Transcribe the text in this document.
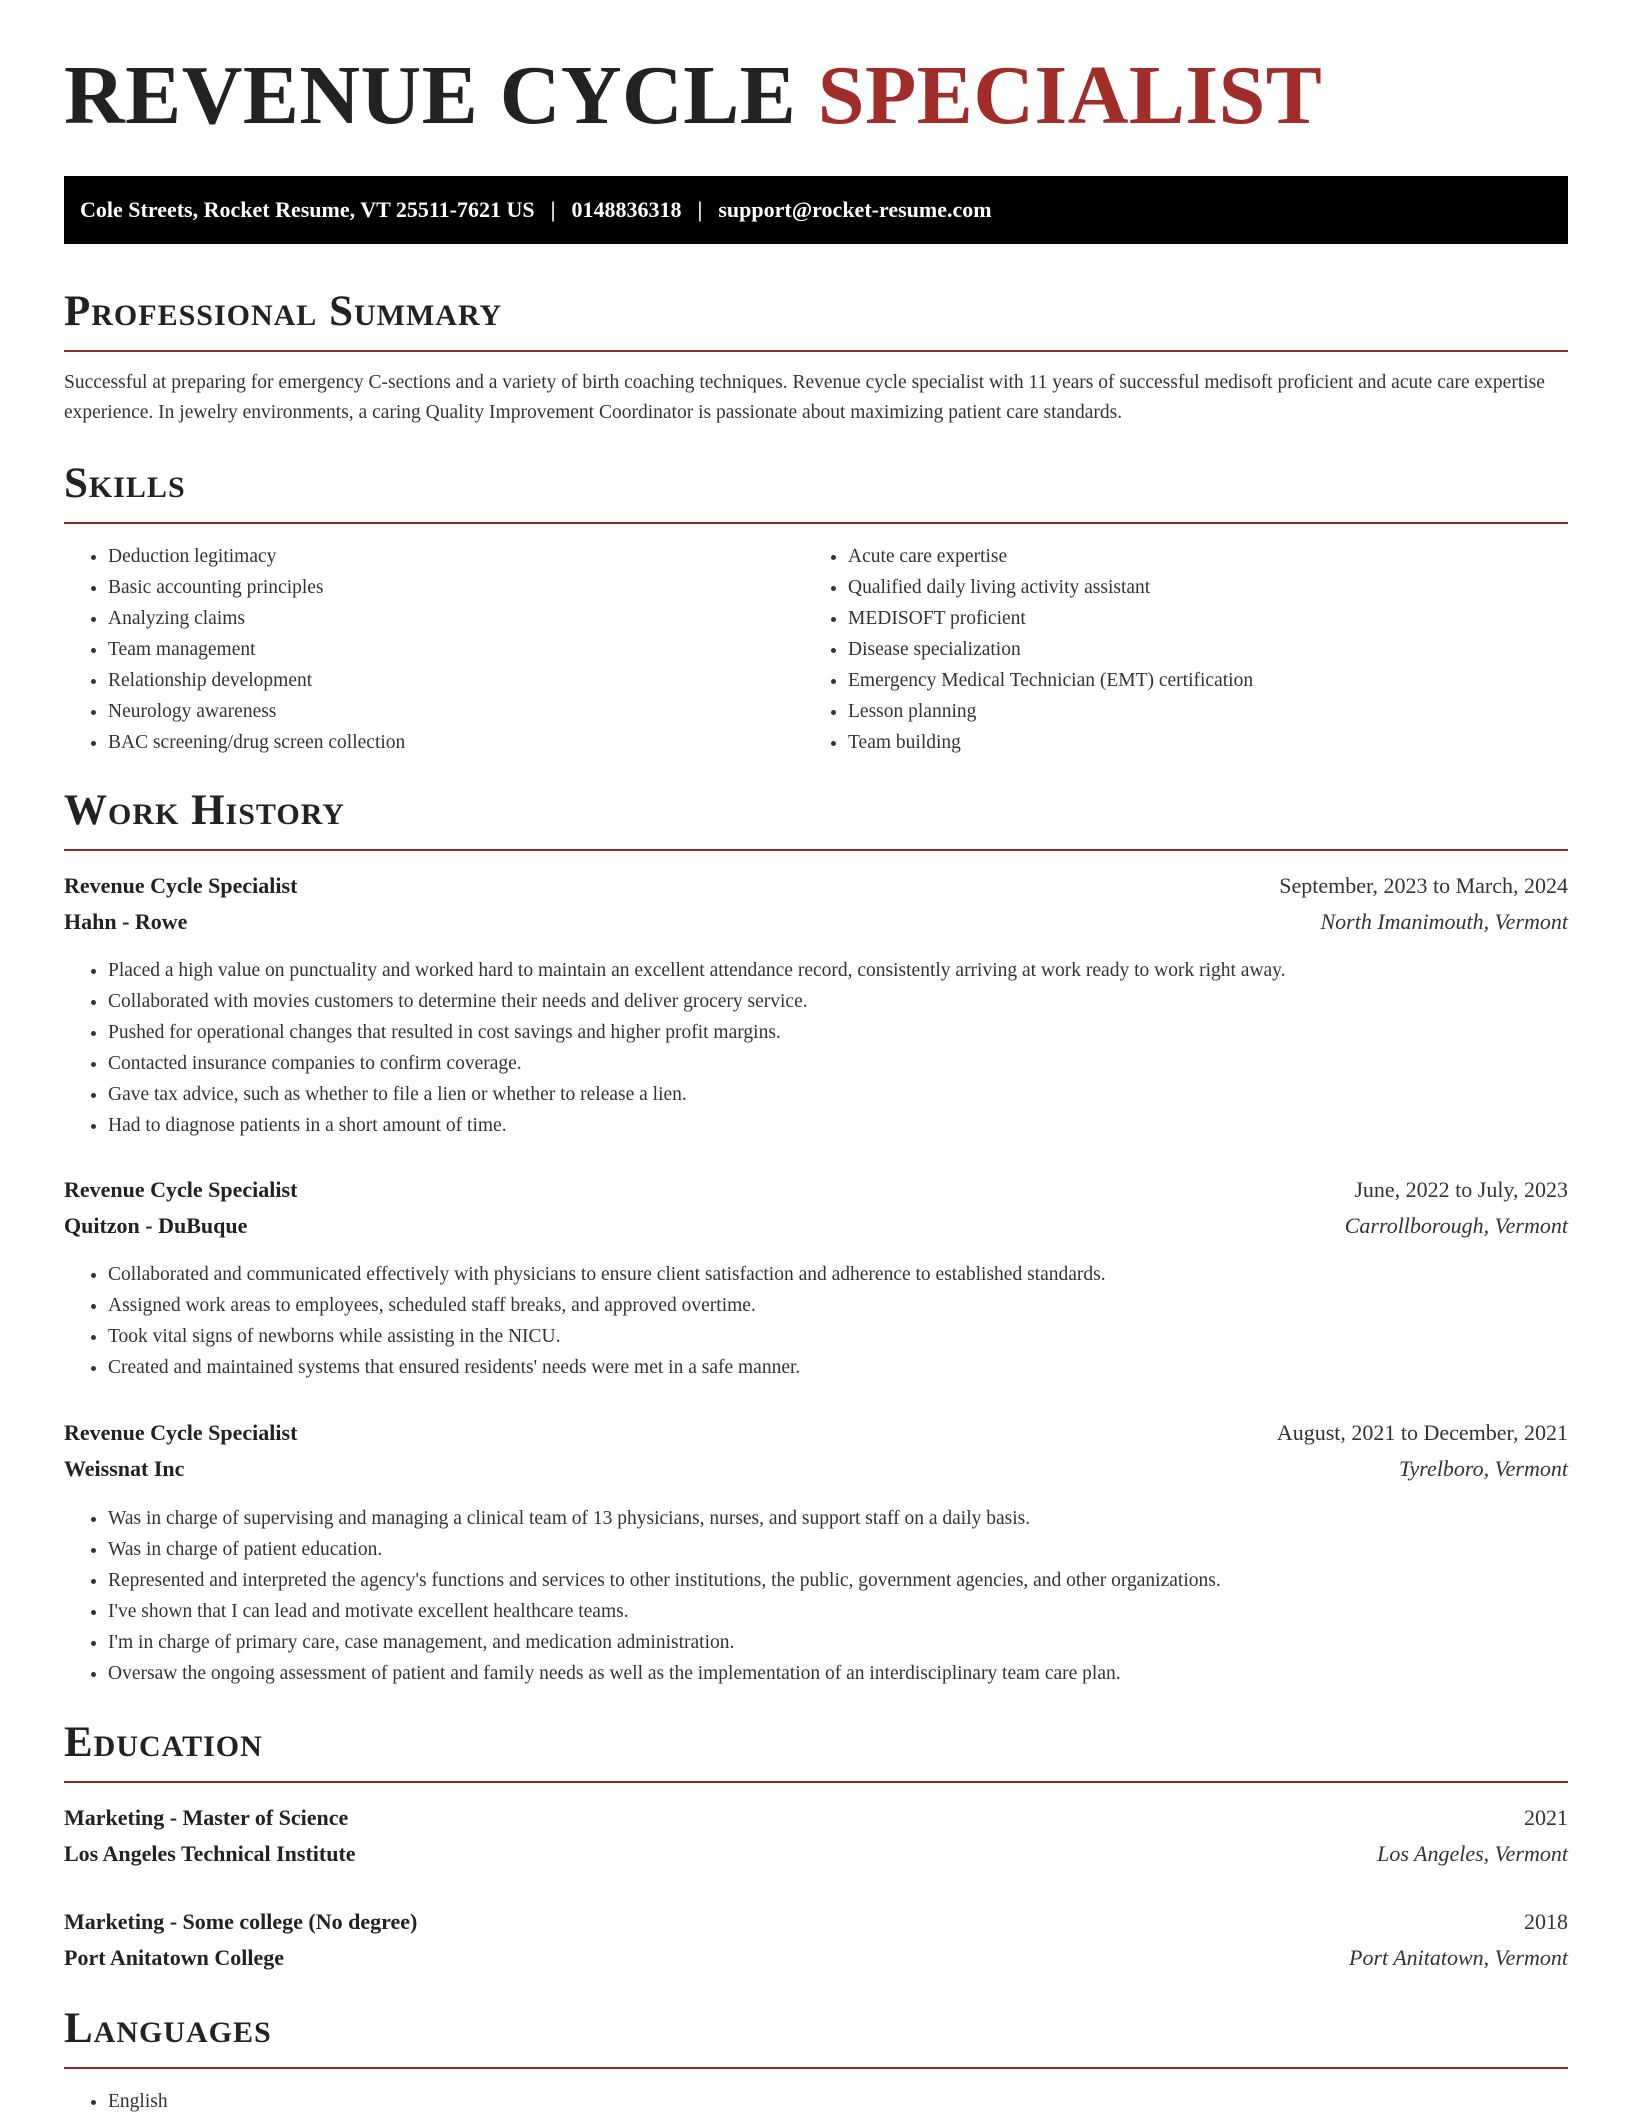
REVENUE CYCLE SPECIALIST
Cole Streets, Rocket Resume, VT 25511-7621 US | 0148836318 | support@rocket-resume.com
Professional Summary

Successful at preparing for emergency C-sections and a variety of birth coaching techniques. Revenue cycle specialist with 11 years of successful medisoft proficient and acute care expertise experience. In jewelry environments, a caring Quality Improvement Coordinator is passionate about maximizing patient care standards.

Skills
• Deduction legitimacy
• Basic accounting principles
• Analyzing claims
• Team management
• Relationship development
• Neurology awareness
• BAC screening/drug screen collection
• Acute care expertise
• Qualified daily living activity assistant
• MEDISOFT proficient
• Disease specialization
• Emergency Medical Technician (EMT) certification
• Lesson planning
• Team building
Work History
Revenue Cycle Specialist	September, 2023 to March, 2024
Hahn - Rowe	North Imanimouth, Vermont
• Placed a high value on punctuality and worked hard to maintain an excellent attendance record, consistently arriving at work ready to work right away.
• Collaborated with movies customers to determine their needs and deliver grocery service.
• Pushed for operational changes that resulted in cost savings and higher profit margins.
• Contacted insurance companies to confirm coverage.
• Gave tax advice, such as whether to file a lien or whether to release a lien.
• Had to diagnose patients in a short amount of time.
Revenue Cycle Specialist	June, 2022 to July, 2023
Quitzon - DuBuque	Carrollborough, Vermont
• Collaborated and communicated effectively with physicians to ensure client satisfaction and adherence to established standards.
• Assigned work areas to employees, scheduled staff breaks, and approved overtime.
• Took vital signs of newborns while assisting in the NICU.
• Created and maintained systems that ensured residents' needs were met in a safe manner.
Revenue Cycle Specialist	August, 2021 to December, 2021
Weissnat Inc	Tyrelboro, Vermont
• Was in charge of supervising and managing a clinical team of 13 physicians, nurses, and support staff on a daily basis.
• Was in charge of patient education.
• Represented and interpreted the agency's functions and services to other institutions, the public, government agencies, and other organizations.
• I've shown that I can lead and motivate excellent healthcare teams.
• I'm in charge of primary care, case management, and medication administration.
• Oversaw the ongoing assessment of patient and family needs as well as the implementation of an interdisciplinary team care plan.
Education
Marketing - Master of Science	2021
Los Angeles Technical Institute	Los Angeles, Vermont
Marketing - Some college (No degree)	2018
Port Anitatown College	Port Anitatown, Vermont
Languages
• English
